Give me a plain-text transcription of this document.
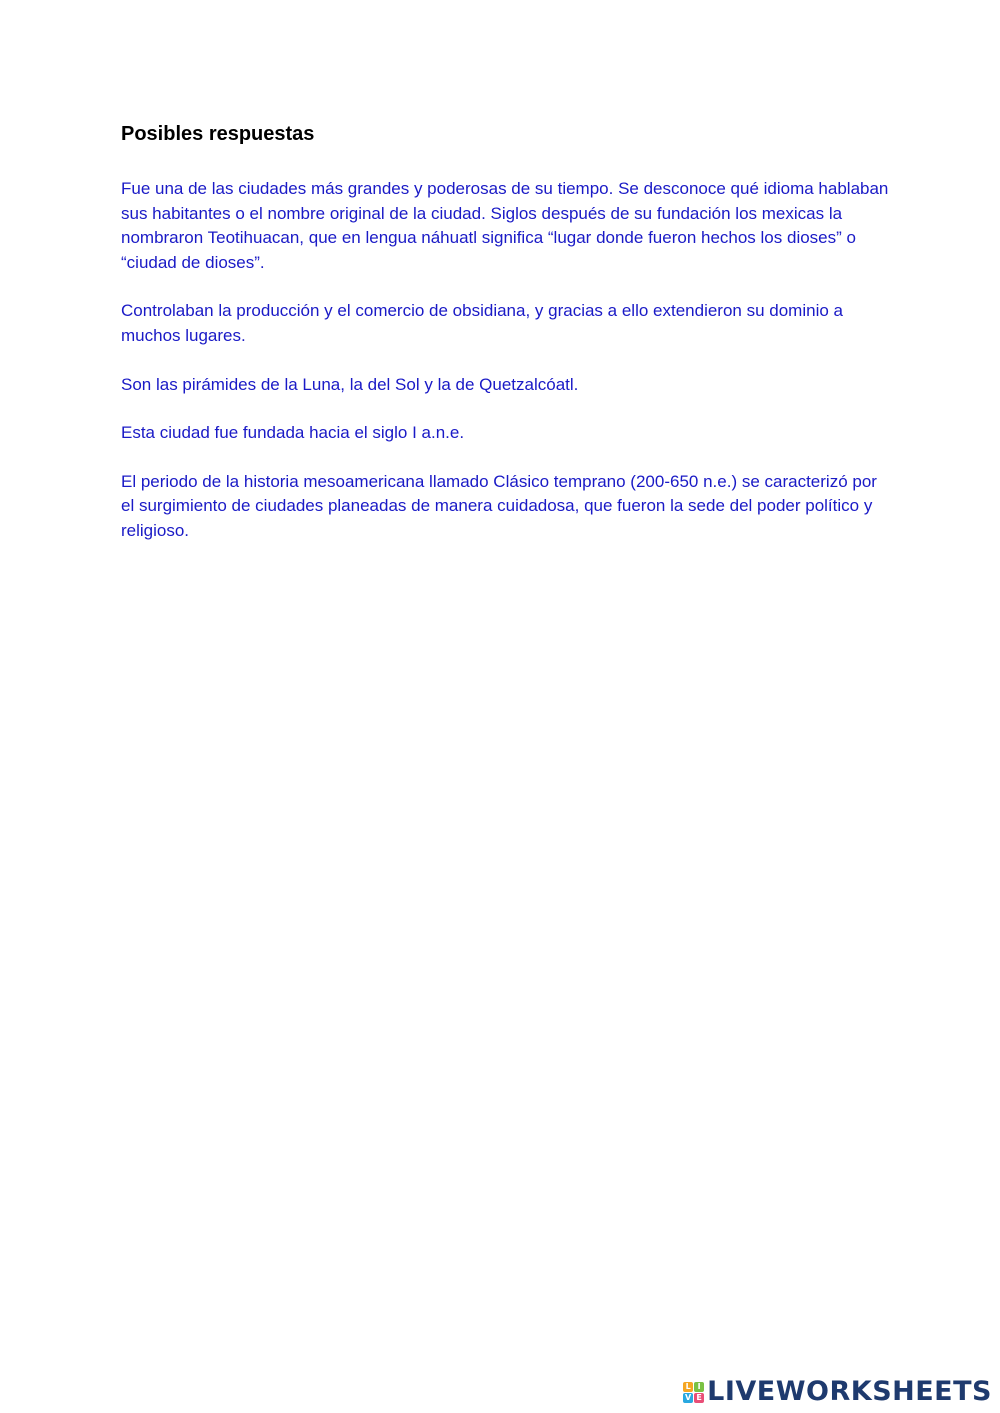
Posibles respuestas

Fue una de las ciudades más grandes y poderosas de su tiempo. Se desconoce qué idioma hablaban sus habitantes o el nombre original de la ciudad. Siglos después de su fundación los mexicas la nombraron Teotihuacan, que en lengua náhuatl significa “lugar donde fueron hechos los dioses” o “ciudad de dioses”.

Controlaban la producción y el comercio de obsidiana, y gracias a ello extendieron su dominio a muchos lugares.

Son las pirámides de la Luna, la del Sol y la de Quetzalcóatl.

Esta ciudad fue fundada hacia el siglo I a.n.e.

El periodo de la historia mesoamericana llamado Clásico temprano (200-650 n.e.) se caracterizó por el surgimiento de ciudades planeadas de manera cuidadosa, que fueron la sede del poder político y religioso.

L I
V E LIVEWORKSHEETS
